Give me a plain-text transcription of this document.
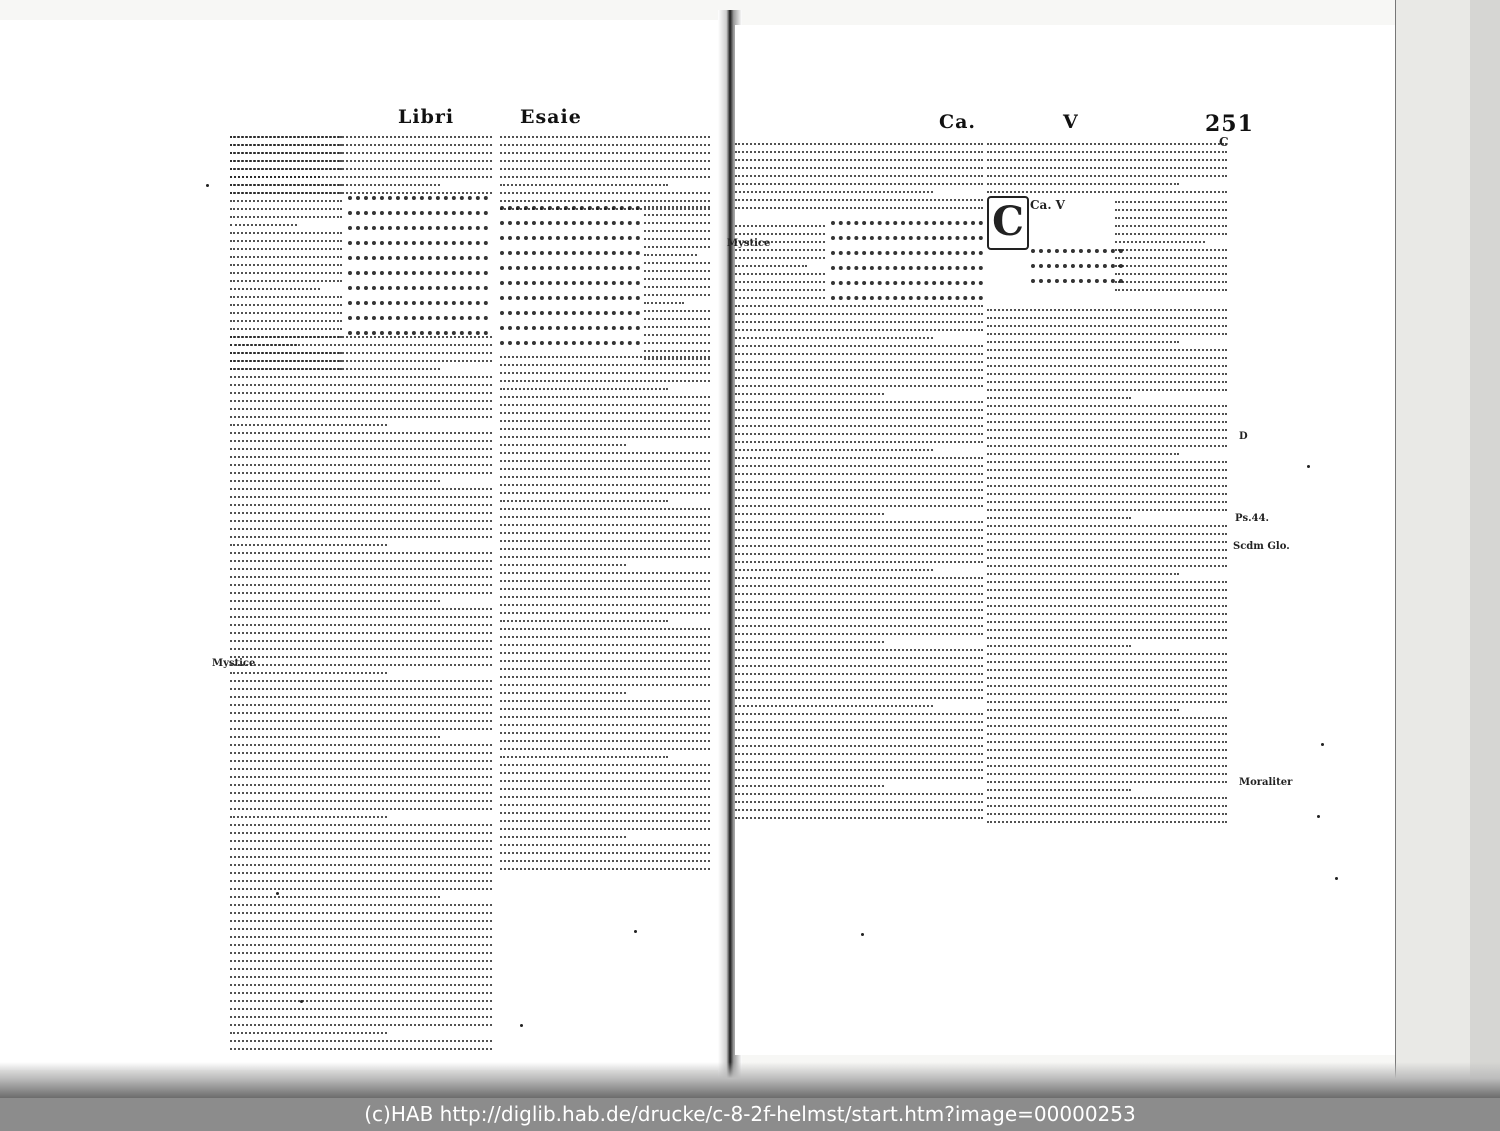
Libri	Esaie
Mystice
Ca.	V	251
C
Mystice
D
Ps.44.
Scdm Glo.
Moraliter
C Ca. V
(c)HAB http://diglib.hab.de/drucke/c-8-2f-helmst/start.htm?image=00000253
